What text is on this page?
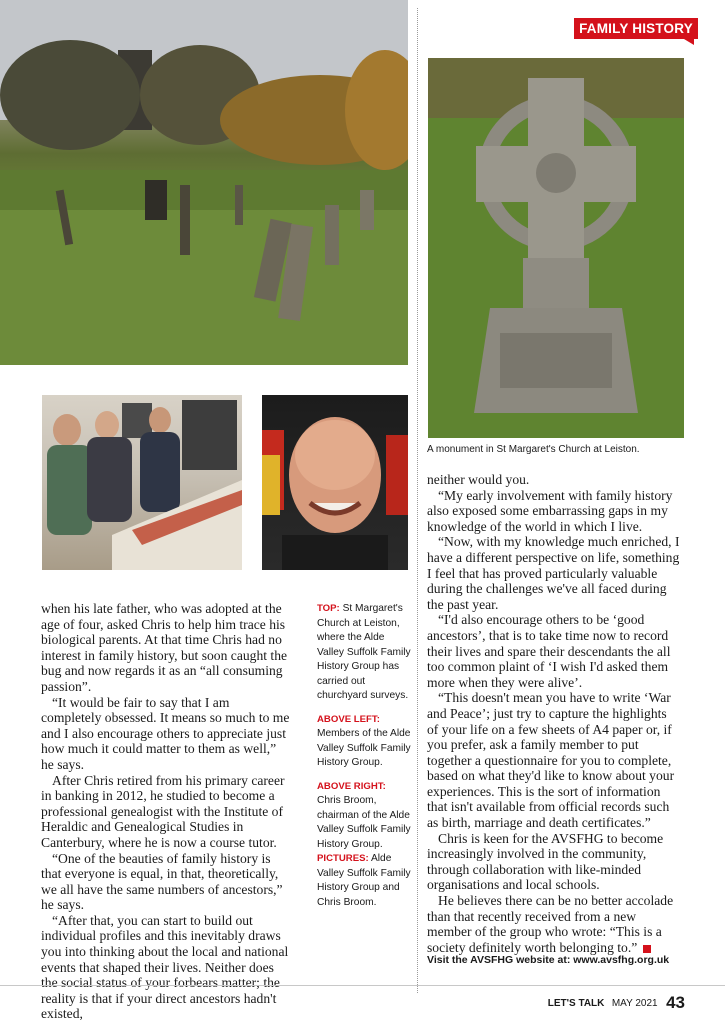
FAMILY HISTORY
A monument in St Margaret's Church at Leiston.

TOP: St Margaret's Church at Leiston, where the Alde Valley Suffolk Family History Group has carried out churchyard surveys.

ABOVE LEFT:
Members of the Alde Valley Suffolk Family History Group.

ABOVE RIGHT:
Chris Broom, chairman of the Alde Valley Suffolk Family History Group.

PICTURES: Alde Valley Suffolk Family History Group and Chris Broom.

when his late father, who was adopted at the age of four, asked Chris to help him trace his biological parents. At that time Chris had no interest in family history, but soon caught the bug and now regards it as an “all consuming passion”.

“It would be fair to say that I am completely obsessed. It means so much to me and I also encourage others to appreciate just how much it could matter to them as well,” he says.

After Chris retired from his primary career in banking in 2012, he studied to become a professional genealogist with the Institute of Heraldic and Genealogical Studies in Canterbury, where he is now a course tutor.

“One of the beauties of family history is that everyone is equal, in that, theoretically, we all have the same numbers of ancestors,” he says.

“After that, you can start to build out individual profiles and this inevitably draws you into thinking about the local and national events that shaped their lives. Neither does the social status of your forbears matter; the reality is that if your direct ancestors hadn't existed,

neither would you.

“My early involvement with family history also exposed some embarrassing gaps in my knowledge of the world in which I live.

“Now, with my knowledge much enriched, I have a different perspective on life, something I feel that has proved particularly valuable during the challenges we've all faced during the past year.

“I'd also encourage others to be ‘good ancestors’, that is to take time now to record their lives and spare their descendants the all too common plaint of ‘I wish I'd asked them more when they were alive’.

“This doesn't mean you have to write ‘War and Peace’; just try to capture the highlights of your life on a few sheets of A4 paper or, if you prefer, ask a family member to put together a questionnaire for you to complete, based on what they'd like to know about your experiences. This is the sort of information that isn't available from official records such as birth, marriage and death certificates.”

Chris is keen for the AVSFHG to become increasingly involved in the community, through collaboration with like-minded organisations and local schools.

He believes there can be no better accolade than that recently received from a new member of the group who wrote: “This is a society definitely worth belonging to.”

Visit the AVSFHG website at: www.avsfhg.org.uk
LET'S TALK MAY 2021 43
